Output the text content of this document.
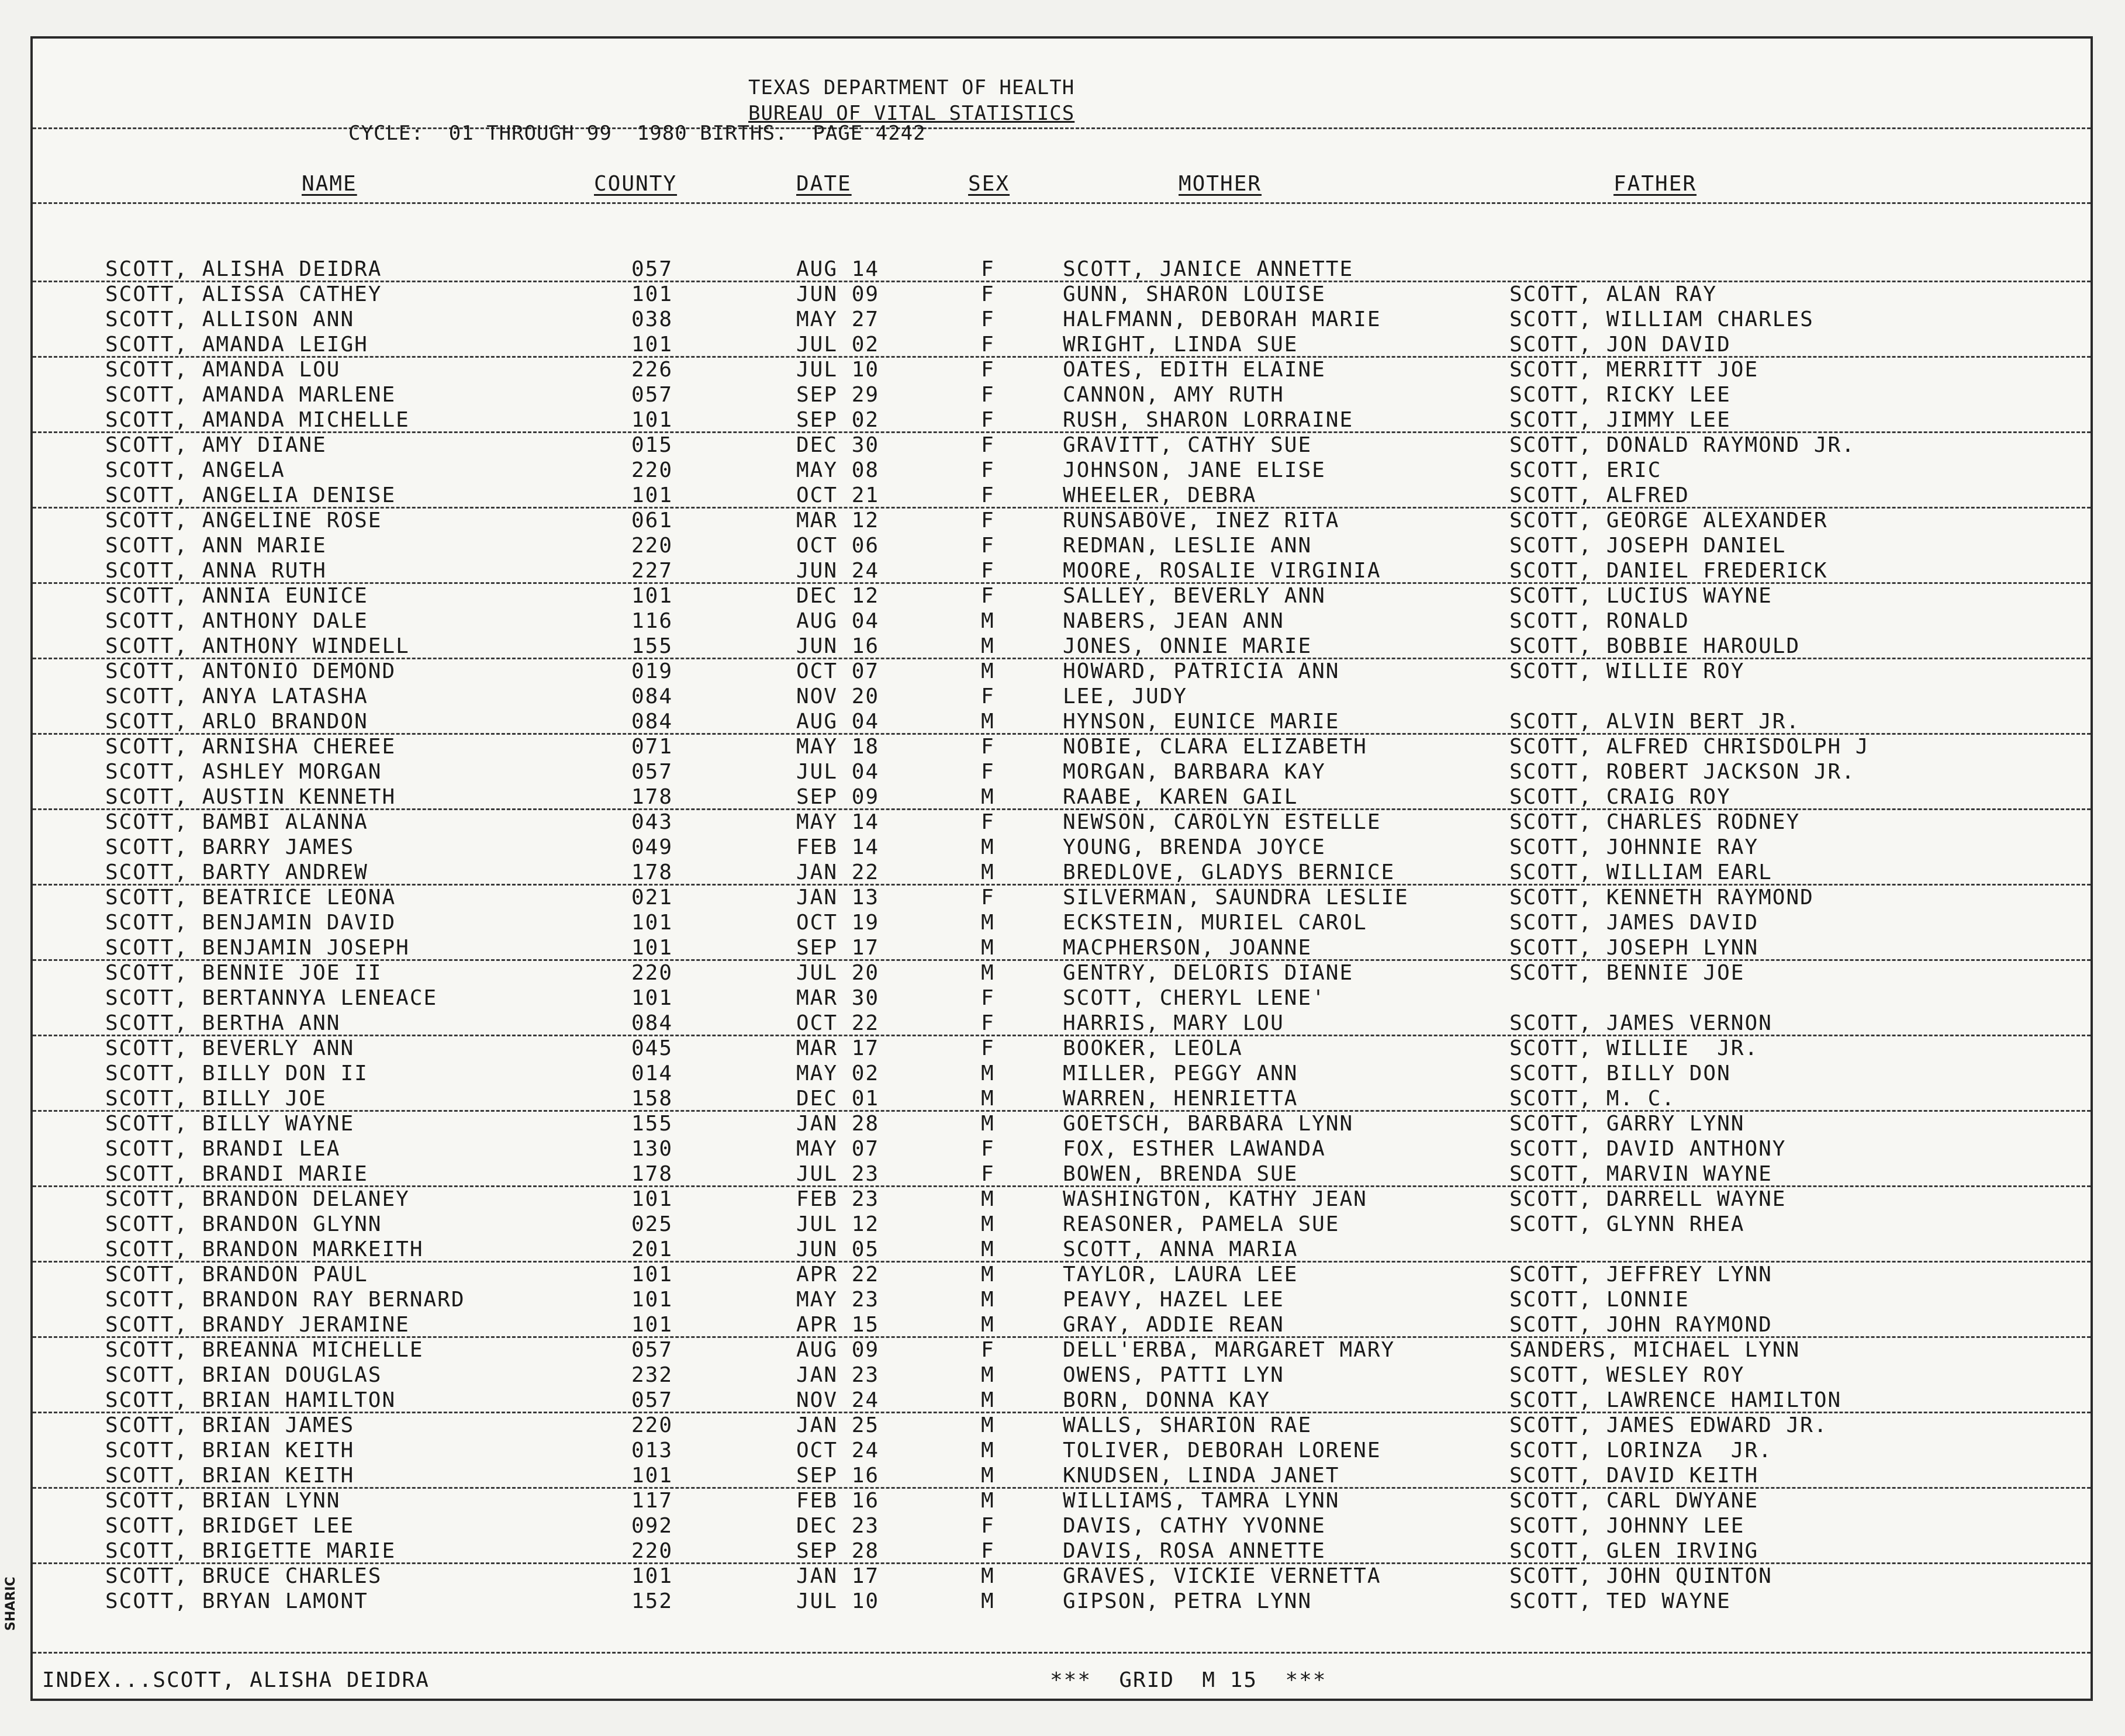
TEXAS DEPARTMENT OF HEALTH
BUREAU OF VITAL STATISTICS
CYCLE:  01 THROUGH 99  1980 BIRTHS.  PAGE 4242
NAME	COUNTY	DATE	SEX	MOTHER	FATHER
SCOTT, ALISHA DEIDRA	057	AUG 14	F	SCOTT, JANICE ANNETTE
SCOTT, ALISSA CATHEY	101	JUN 09	F	GUNN, SHARON LOUISE	SCOTT, ALAN RAY
SCOTT, ALLISON ANN	038	MAY 27	F	HALFMANN, DEBORAH MARIE	SCOTT, WILLIAM CHARLES
SCOTT, AMANDA LEIGH	101	JUL 02	F	WRIGHT, LINDA SUE	SCOTT, JON DAVID
SCOTT, AMANDA LOU	226	JUL 10	F	OATES, EDITH ELAINE	SCOTT, MERRITT JOE
SCOTT, AMANDA MARLENE	057	SEP 29	F	CANNON, AMY RUTH	SCOTT, RICKY LEE
SCOTT, AMANDA MICHELLE	101	SEP 02	F	RUSH, SHARON LORRAINE	SCOTT, JIMMY LEE
SCOTT, AMY DIANE	015	DEC 30	F	GRAVITT, CATHY SUE	SCOTT, DONALD RAYMOND JR.
SCOTT, ANGELA	220	MAY 08	F	JOHNSON, JANE ELISE	SCOTT, ERIC
SCOTT, ANGELIA DENISE	101	OCT 21	F	WHEELER, DEBRA	SCOTT, ALFRED
SCOTT, ANGELINE ROSE	061	MAR 12	F	RUNSABOVE, INEZ RITA	SCOTT, GEORGE ALEXANDER
SCOTT, ANN MARIE	220	OCT 06	F	REDMAN, LESLIE ANN	SCOTT, JOSEPH DANIEL
SCOTT, ANNA RUTH	227	JUN 24	F	MOORE, ROSALIE VIRGINIA	SCOTT, DANIEL FREDERICK
SCOTT, ANNIA EUNICE	101	DEC 12	F	SALLEY, BEVERLY ANN	SCOTT, LUCIUS WAYNE
SCOTT, ANTHONY DALE	116	AUG 04	M	NABERS, JEAN ANN	SCOTT, RONALD
SCOTT, ANTHONY WINDELL	155	JUN 16	M	JONES, ONNIE MARIE	SCOTT, BOBBIE HAROULD
SCOTT, ANTONIO DEMOND	019	OCT 07	M	HOWARD, PATRICIA ANN	SCOTT, WILLIE ROY
SCOTT, ANYA LATASHA	084	NOV 20	F	LEE, JUDY
SCOTT, ARLO BRANDON	084	AUG 04	M	HYNSON, EUNICE MARIE	SCOTT, ALVIN BERT JR.
SCOTT, ARNISHA CHEREE	071	MAY 18	F	NOBIE, CLARA ELIZABETH	SCOTT, ALFRED CHRISDOLPH J
SCOTT, ASHLEY MORGAN	057	JUL 04	F	MORGAN, BARBARA KAY	SCOTT, ROBERT JACKSON JR.
SCOTT, AUSTIN KENNETH	178	SEP 09	M	RAABE, KAREN GAIL	SCOTT, CRAIG ROY
SCOTT, BAMBI ALANNA	043	MAY 14	F	NEWSON, CAROLYN ESTELLE	SCOTT, CHARLES RODNEY
SCOTT, BARRY JAMES	049	FEB 14	M	YOUNG, BRENDA JOYCE	SCOTT, JOHNNIE RAY
SCOTT, BARTY ANDREW	178	JAN 22	M	BREDLOVE, GLADYS BERNICE	SCOTT, WILLIAM EARL
SCOTT, BEATRICE LEONA	021	JAN 13	F	SILVERMAN, SAUNDRA LESLIE	SCOTT, KENNETH RAYMOND
SCOTT, BENJAMIN DAVID	101	OCT 19	M	ECKSTEIN, MURIEL CAROL	SCOTT, JAMES DAVID
SCOTT, BENJAMIN JOSEPH	101	SEP 17	M	MACPHERSON, JOANNE	SCOTT, JOSEPH LYNN
SCOTT, BENNIE JOE II	220	JUL 20	M	GENTRY, DELORIS DIANE	SCOTT, BENNIE JOE
SCOTT, BERTANNYA LENEACE	101	MAR 30	F	SCOTT, CHERYL LENE'
SCOTT, BERTHA ANN	084	OCT 22	F	HARRIS, MARY LOU	SCOTT, JAMES VERNON
SCOTT, BEVERLY ANN	045	MAR 17	F	BOOKER, LEOLA	SCOTT, WILLIE  JR.
SCOTT, BILLY DON II	014	MAY 02	M	MILLER, PEGGY ANN	SCOTT, BILLY DON
SCOTT, BILLY JOE	158	DEC 01	M	WARREN, HENRIETTA	SCOTT, M. C.
SCOTT, BILLY WAYNE	155	JAN 28	M	GOETSCH, BARBARA LYNN	SCOTT, GARRY LYNN
SCOTT, BRANDI LEA	130	MAY 07	F	FOX, ESTHER LAWANDA	SCOTT, DAVID ANTHONY
SCOTT, BRANDI MARIE	178	JUL 23	F	BOWEN, BRENDA SUE	SCOTT, MARVIN WAYNE
SCOTT, BRANDON DELANEY	101	FEB 23	M	WASHINGTON, KATHY JEAN	SCOTT, DARRELL WAYNE
SCOTT, BRANDON GLYNN	025	JUL 12	M	REASONER, PAMELA SUE	SCOTT, GLYNN RHEA
SCOTT, BRANDON MARKEITH	201	JUN 05	M	SCOTT, ANNA MARIA
SCOTT, BRANDON PAUL	101	APR 22	M	TAYLOR, LAURA LEE	SCOTT, JEFFREY LYNN
SCOTT, BRANDON RAY BERNARD	101	MAY 23	M	PEAVY, HAZEL LEE	SCOTT, LONNIE
SCOTT, BRANDY JERAMINE	101	APR 15	M	GRAY, ADDIE REAN	SCOTT, JOHN RAYMOND
SCOTT, BREANNA MICHELLE	057	AUG 09	F	DELL'ERBA, MARGARET MARY	SANDERS, MICHAEL LYNN
SCOTT, BRIAN DOUGLAS	232	JAN 23	M	OWENS, PATTI LYN	SCOTT, WESLEY ROY
SCOTT, BRIAN HAMILTON	057	NOV 24	M	BORN, DONNA KAY	SCOTT, LAWRENCE HAMILTON
SCOTT, BRIAN JAMES	220	JAN 25	M	WALLS, SHARION RAE	SCOTT, JAMES EDWARD JR.
SCOTT, BRIAN KEITH	013	OCT 24	M	TOLIVER, DEBORAH LORENE	SCOTT, LORINZA  JR.
SCOTT, BRIAN KEITH	101	SEP 16	M	KNUDSEN, LINDA JANET	SCOTT, DAVID KEITH
SCOTT, BRIAN LYNN	117	FEB 16	M	WILLIAMS, TAMRA LYNN	SCOTT, CARL DWYANE
SCOTT, BRIDGET LEE	092	DEC 23	F	DAVIS, CATHY YVONNE	SCOTT, JOHNNY LEE
SCOTT, BRIGETTE MARIE	220	SEP 28	F	DAVIS, ROSA ANNETTE	SCOTT, GLEN IRVING
SCOTT, BRUCE CHARLES	101	JAN 17	M	GRAVES, VICKIE VERNETTA	SCOTT, JOHN QUINTON
SCOTT, BRYAN LAMONT	152	JUL 10	M	GIPSON, PETRA LYNN	SCOTT, TED WAYNE
INDEX...SCOTT, ALISHA DEIDRA	***  GRID  M 15  ***
SHARIC
